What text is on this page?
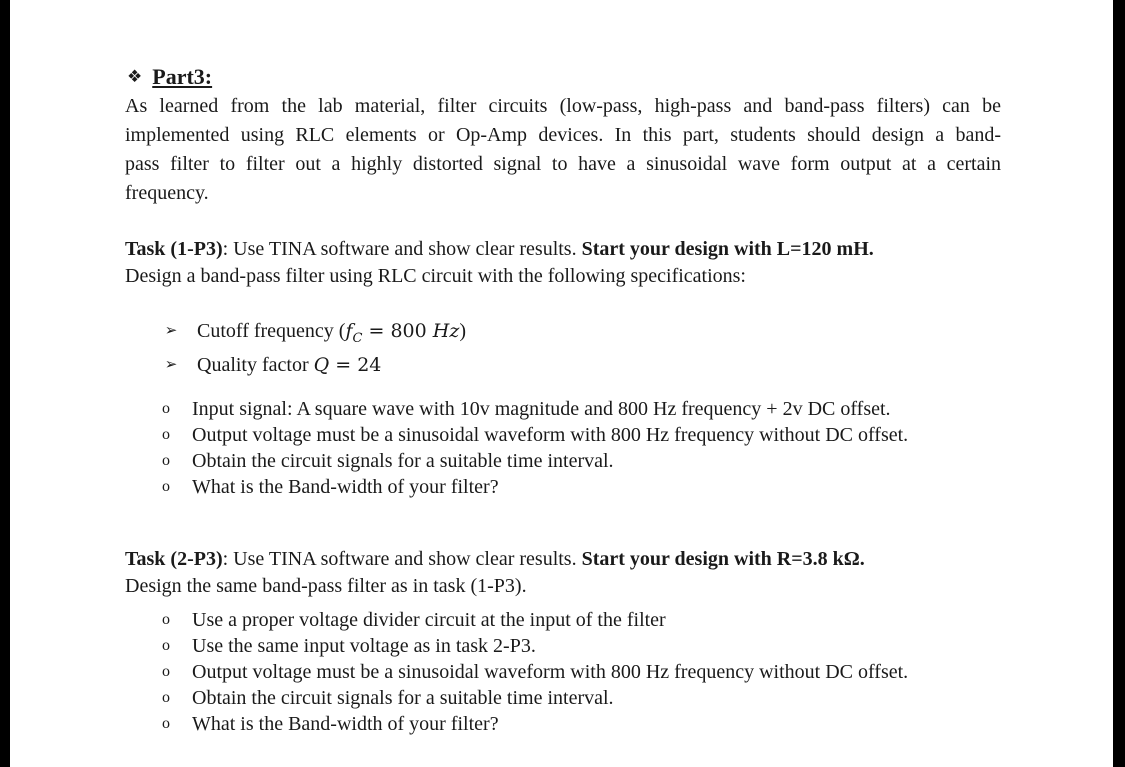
❖ Part3:

As learned from the lab material, filter circuits (low-pass, high-pass and band-pass filters) can be
implemented using RLC elements or Op-Amp devices. In this part, students should design a band-
pass filter to filter out a highly distorted signal to have a sinusoidal wave form output at a certain
frequency.

Task (1-P3): Use TINA software and show clear results. Start your design with L=120 mH.
Design a band-pass filter using RLC circuit with the following specifications:
➢ Cutoff frequency ($f_C = 800$ Hz)
➢ Quality factor Q = 24
o	Input signal: A square wave with 10v magnitude and 800 Hz frequency + 2v DC offset.
o	Output voltage must be a sinusoidal waveform with 800 Hz frequency without DC offset.
o	Obtain the circuit signals for a suitable time interval.
o	What is the Band-width of your filter?
Task (2-P3): Use TINA software and show clear results. Start your design with R=3.8 kΩ.
Design the same band-pass filter as in task (1-P3).
o	Use a proper voltage divider circuit at the input of the filter
o	Use the same input voltage as in task 2-P3.
o	Output voltage must be a sinusoidal waveform with 800 Hz frequency without DC offset.
o	Obtain the circuit signals for a suitable time interval.
o	What is the Band-width of your filter?
